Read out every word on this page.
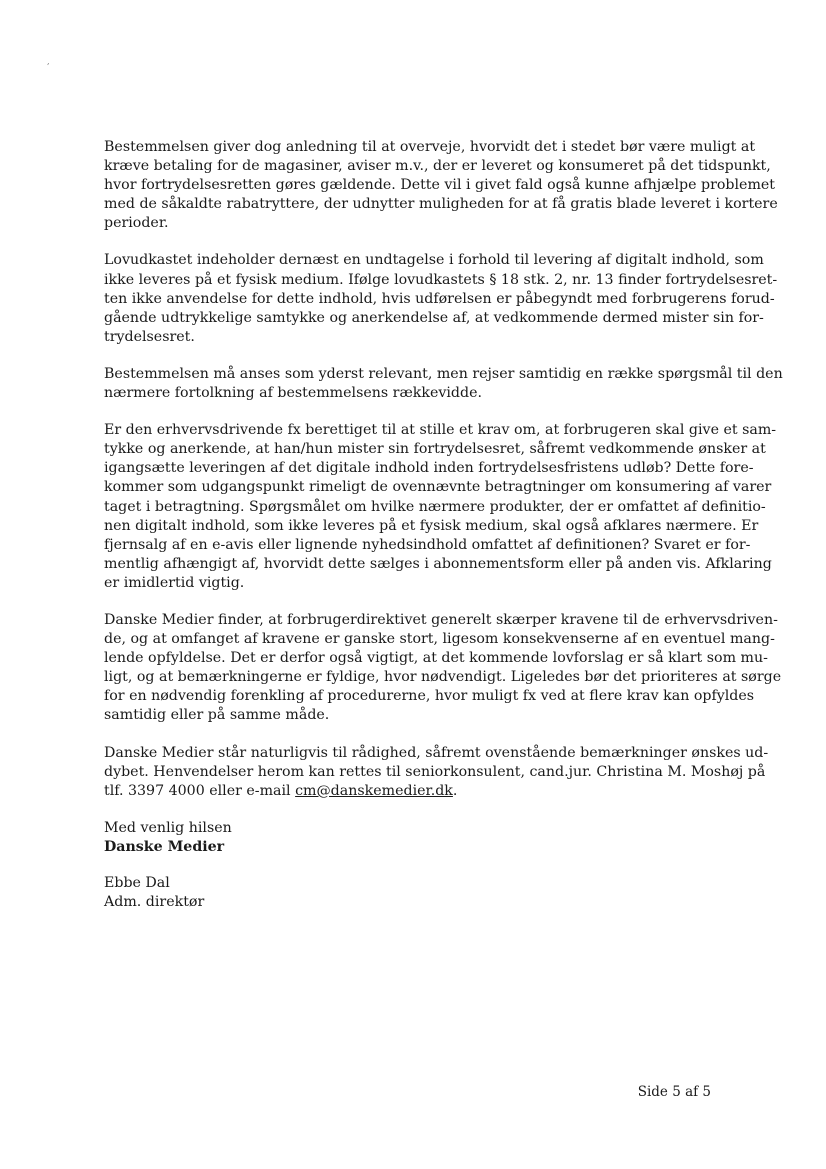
,

Bestemmelsen giver dog anledning til at overveje, hvorvidt det i stedet bør være muligt at
kræve betaling for de magasiner, aviser m.v., der er leveret og konsumeret på det tidspunkt,
hvor fortrydelsesretten gøres gældende. Dette vil i givet fald også kunne afhjælpe problemet
med de såkaldte rabatryttere, der udnytter muligheden for at få gratis blade leveret i kortere
perioder.

Lovudkastet indeholder dernæst en undtagelse i forhold til levering af digitalt indhold, som
ikke leveres på et fysisk medium. Ifølge lovudkastets § 18 stk. 2, nr. 13 finder fortrydelsesret-
ten ikke anvendelse for dette indhold, hvis udførelsen er påbegyndt med forbrugerens forud-
gående udtrykkelige samtykke og anerkendelse af, at vedkommende dermed mister sin for-
trydelsesret.

Bestemmelsen må anses som yderst relevant, men rejser samtidig en række spørgsmål til den
nærmere fortolkning af bestemmelsens rækkevidde.

Er den erhvervsdrivende fx berettiget til at stille et krav om, at forbrugeren skal give et sam-
tykke og anerkende, at han/hun mister sin fortrydelsesret, såfremt vedkommende ønsker at
igangsætte leveringen af det digitale indhold inden fortrydelsesfristens udløb? Dette fore-
kommer som udgangspunkt rimeligt de ovennævnte betragtninger om konsumering af varer
taget i betragtning. Spørgsmålet om hvilke nærmere produkter, der er omfattet af definitio-
nen digitalt indhold, som ikke leveres på et fysisk medium, skal også afklares nærmere. Er
fjernsalg af en e-avis eller lignende nyhedsindhold omfattet af definitionen? Svaret er for-
mentlig afhængigt af, hvorvidt dette sælges i abonnementsform eller på anden vis. Afklaring
er imidlertid vigtig.

Danske Medier finder, at forbrugerdirektivet generelt skærper kravene til de erhvervsdriven-
de, og at omfanget af kravene er ganske stort, ligesom konsekvenserne af en eventuel mang-
lende opfyldelse. Det er derfor også vigtigt, at det kommende lovforslag er så klart som mu-
ligt, og at bemærkningerne er fyldige, hvor nødvendigt. Ligeledes bør det prioriteres at sørge
for en nødvendig forenkling af procedurerne, hvor muligt fx ved at flere krav kan opfyldes
samtidig eller på samme måde.

Danske Medier står naturligvis til rådighed, såfremt ovenstående bemærkninger ønskes ud-
dybet. Henvendelser herom kan rettes til seniorkonsulent, cand.jur. Christina M. Moshøj på
tlf. 3397 4000 eller e-mail cm@danskemedier.dk.

Med venlig hilsen

Danske Medier

Ebbe Dal

Adm. direktør

Side 5 af 5
